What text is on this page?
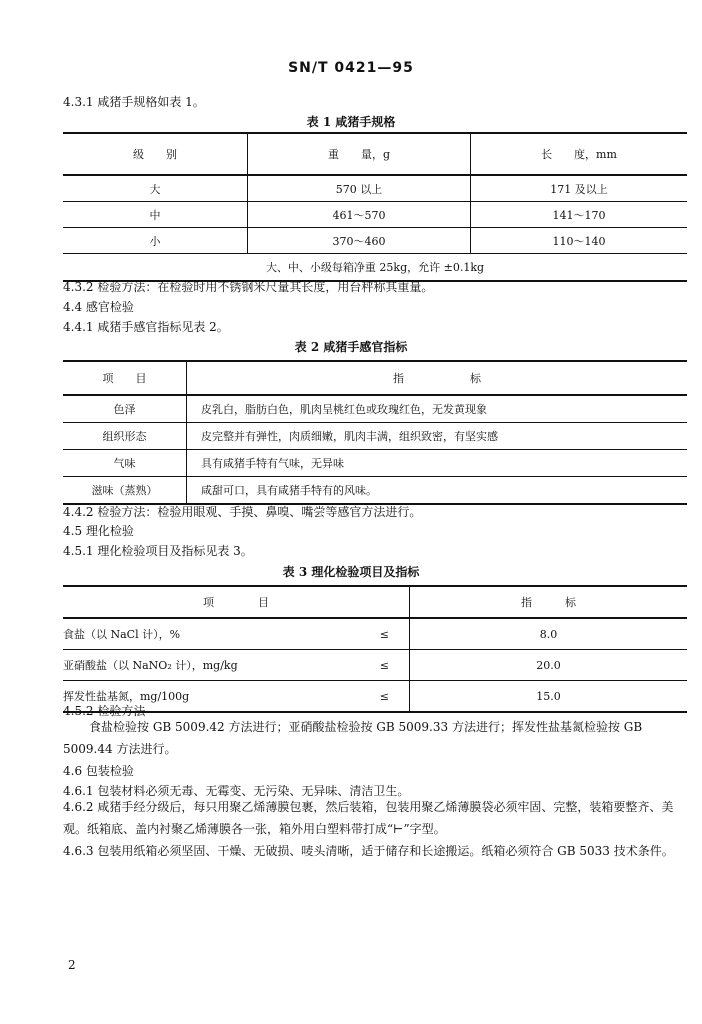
SN/T 0421—95
4.3.1 咸猪手规格如表 1。
表 1 咸猪手规格
级　　别	重　　量，g	长　　度，mm
大	570 以上	171 及以上
中	461～570	141～170
小	370～460	110～140
大、中、小级每箱净重 25kg，允许 ±0.1kg		
4.3.2 检验方法：在检验时用不锈钢米尺量其长度，用台秤称其重量。
4.4 感官检验
4.4.1 咸猪手感官指标见表 2。
表 2 咸猪手感官指标
项　　目	指　　　　　　标
色泽	皮乳白，脂肪白色，肌肉呈桃红色或玫瑰红色，无发黄现象
组织形态	皮完整并有弹性，肉质细嫩，肌肉丰满，组织致密，有坚实感
气味	具有咸猪手特有气味，无异味
滋味（蒸熟）	咸甜可口，具有咸猪手特有的风味。
4.4.2 检验方法：检验用眼观、手摸、鼻嗅、嘴尝等感官方法进行。
4.5 理化检验
4.5.1 理化检验项目及指标见表 3。
表 3 理化检验项目及指标
项　　　　目		指　　　标
食盐（以 NaCl 计），%	≤	8.0
亚硝酸盐（以 NaNO₂ 计），mg/kg	≤	20.0
挥发性盐基氮，mg/100g	≤	15.0
4.5.2 检验方法
食盐检验按 GB 5009.42 方法进行；亚硝酸盐检验按 GB 5009.33 方法进行；挥发性盐基氮检验按 GB 5009.44 方法进行。
4.6 包装检验
4.6.1 包装材料必须无毒、无霉变、无污染、无异味、清洁卫生。
4.6.2 咸猪手经分级后，每只用聚乙烯薄膜包裹，然后装箱，包装用聚乙烯薄膜袋必须牢固、完整，装箱要整齐、美观。纸箱底、盖内衬聚乙烯薄膜各一张，箱外用白塑料带打成“⊢”字型。
4.6.3 包装用纸箱必须坚固、干燥、无破损、唛头清晰，适于储存和长途搬运。纸箱必须符合 GB 5033 技术条件。
2
